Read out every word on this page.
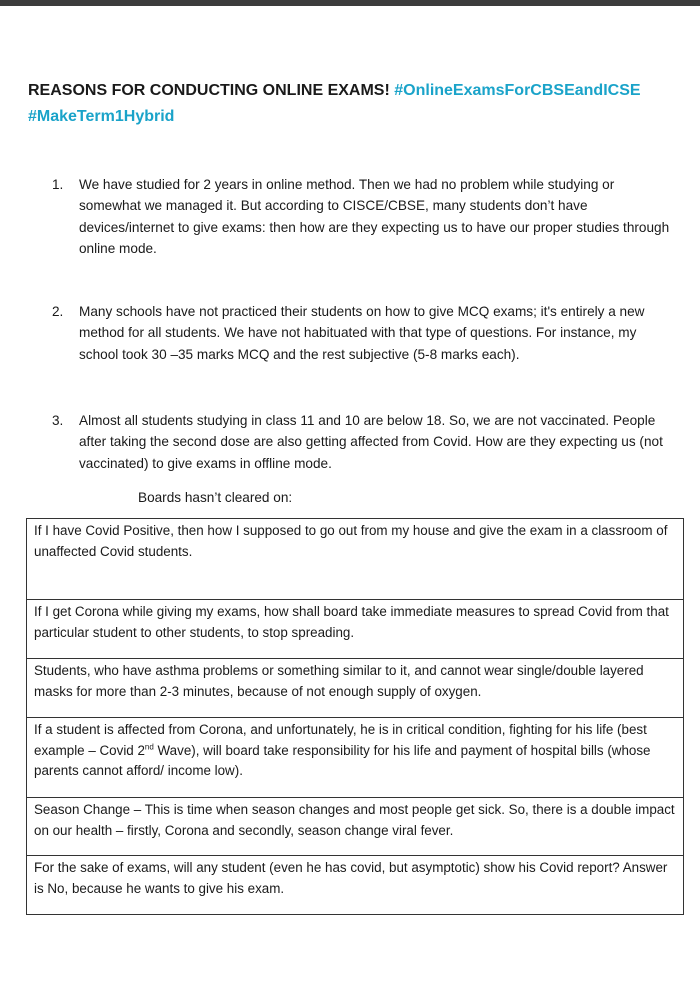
REASONS FOR CONDUCTING ONLINE EXAMS! #OnlineExamsForCBSEandICSE
#MakeTerm1Hybrid
1. We have studied for 2 years in online method. Then we had no problem while studying or somewhat we managed it. But according to CISCE/CBSE, many students don’t have devices/internet to give exams: then how are they expecting us to have our proper studies through online mode.
2. Many schools have not practiced their students on how to give MCQ exams; it's entirely a new method for all students. We have not habituated with that type of questions. For instance, my school took 30 –35 marks MCQ and the rest subjective (5-8 marks each).
3. Almost all students studying in class 11 and 10 are below 18. So, we are not vaccinated. People after taking the second dose are also getting affected from Covid. How are they expecting us (not vaccinated) to give exams in offline mode.
Boards hasn’t cleared on:
If I have Covid Positive, then how I supposed to go out from my house and give the exam in a classroom of unaffected Covid students.
If I get Corona while giving my exams, how shall board take immediate measures to spread Covid from that particular student to other students, to stop spreading.
Students, who have asthma problems or something similar to it, and cannot wear single/double layered masks for more than 2-3 minutes, because of not enough supply of oxygen.
If a student is affected from Corona, and unfortunately, he is in critical condition, fighting for his life (best example – Covid 2nd Wave), will board take responsibility for his life and payment of hospital bills (whose parents cannot afford/ income low).
Season Change – This is time when season changes and most people get sick. So, there is a double impact on our health – firstly, Corona and secondly, season change viral fever.
For the sake of exams, will any student (even he has covid, but asymptotic) show his Covid report? Answer is No, because he wants to give his exam.
